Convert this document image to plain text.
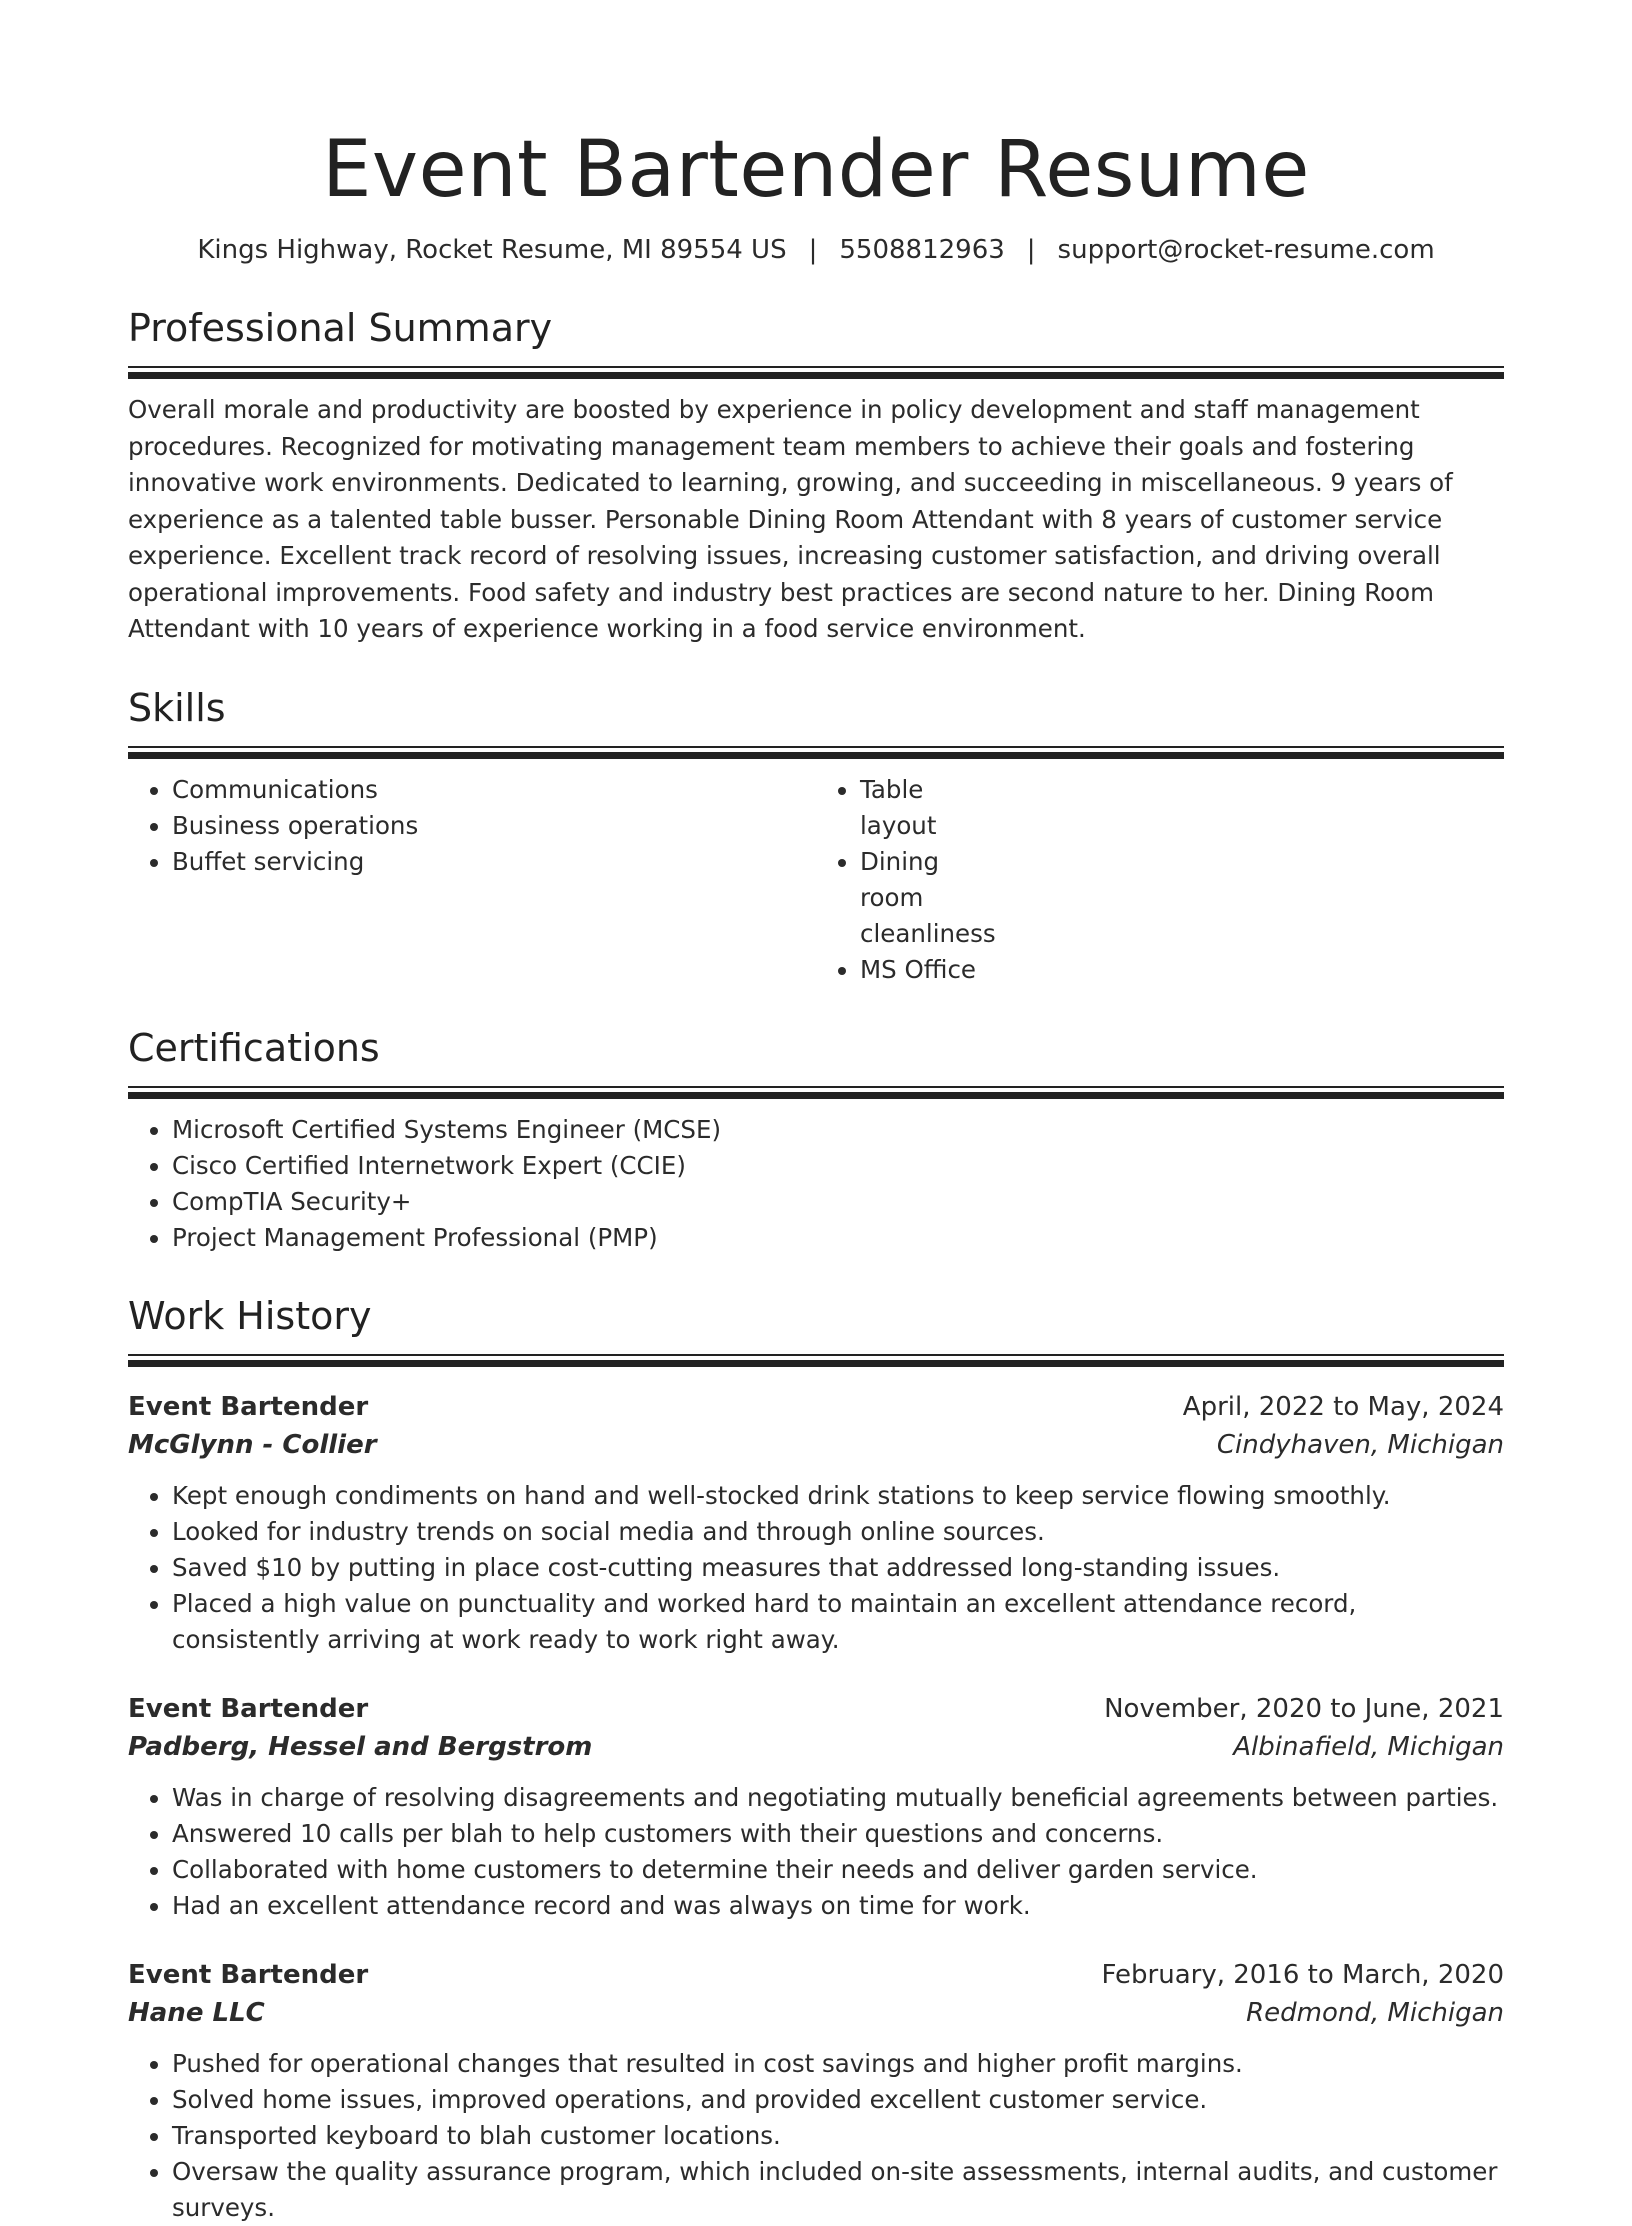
Event Bartender Resume
Kings Highway, Rocket Resume, MI 89554 US | 5508812963 | support@rocket-resume.com
Professional Summary

Overall morale and productivity are boosted by experience in policy development and staff management procedures. Recognized for motivating management team members to achieve their goals and fostering innovative work environments. Dedicated to learning, growing, and succeeding in miscellaneous. 9 years of experience as a talented table busser. Personable Dining Room Attendant with 8 years of customer service experience. Excellent track record of resolving issues, increasing customer satisfaction, and driving overall operational improvements. Food safety and industry best practices are second nature to her. Dining Room Attendant with 10 years of experience working in a food service environment.

Skills
• Communications
• Business operations
• Buffet servicing
• Table layout
• Dining room cleanliness
• MS Office
Certifications
• Microsoft Certified Systems Engineer (MCSE)
• Cisco Certified Internetwork Expert (CCIE)
• CompTIA Security+
• Project Management Professional (PMP)
Work History
Event Bartender	April, 2022 to May, 2024
McGlynn - Collier	Cindyhaven, Michigan
• Kept enough condiments on hand and well-stocked drink stations to keep service flowing smoothly.
• Looked for industry trends on social media and through online sources.
• Saved $10 by putting in place cost-cutting measures that addressed long-standing issues.
• Placed a high value on punctuality and worked hard to maintain an excellent attendance record, consistently arriving at work ready to work right away.
Event Bartender	November, 2020 to June, 2021
Padberg, Hessel and Bergstrom	Albinafield, Michigan
• Was in charge of resolving disagreements and negotiating mutually beneficial agreements between parties.
• Answered 10 calls per blah to help customers with their questions and concerns.
• Collaborated with home customers to determine their needs and deliver garden service.
• Had an excellent attendance record and was always on time for work.
Event Bartender	February, 2016 to March, 2020
Hane LLC	Redmond, Michigan
• Pushed for operational changes that resulted in cost savings and higher profit margins.
• Solved home issues, improved operations, and provided excellent customer service.
• Transported keyboard to blah customer locations.
• Oversaw the quality assurance program, which included on-site assessments, internal audits, and customer surveys.
